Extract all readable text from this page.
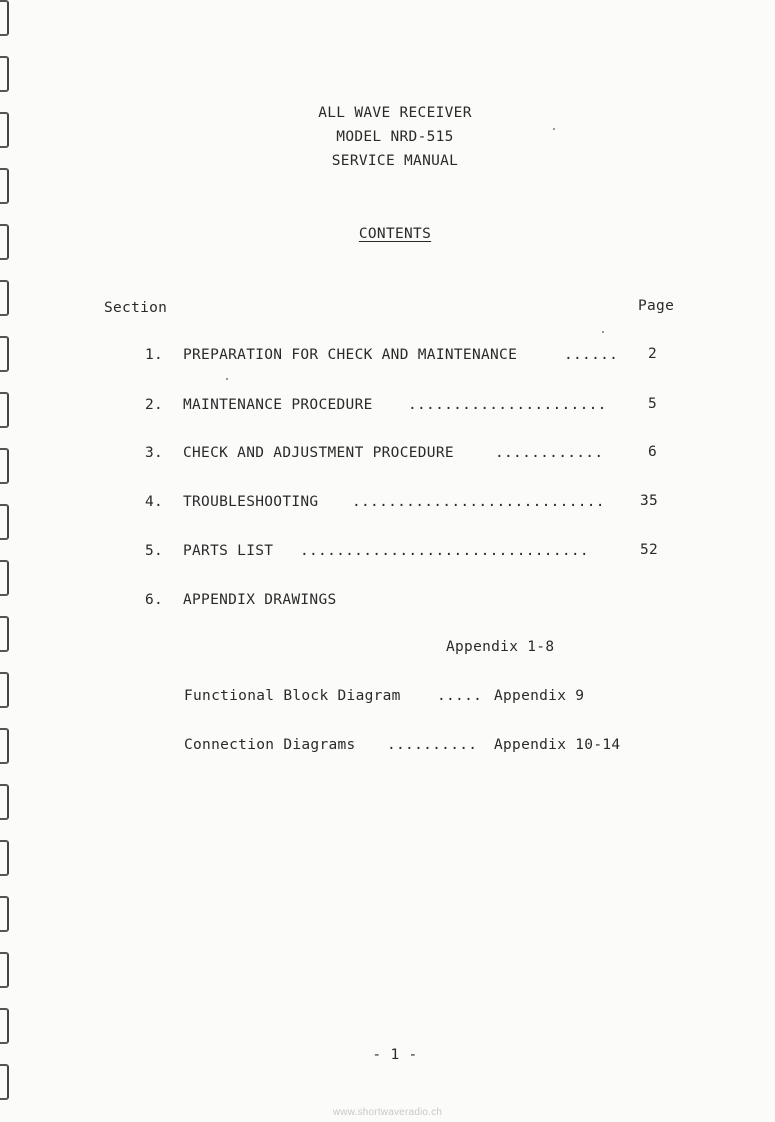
ALL WAVE RECEIVER
MODEL NRD-515
SERVICE MANUAL
CONTENTS
Section	Page
1. PREPARATION FOR CHECK AND MAINTENANCE	...... 2
2. MAINTENANCE PROCEDURE ......................	5
3. CHECK AND ADJUSTMENT PROCEDURE	............	6
4. TROUBLESHOOTING ............................ 35
5. PARTS LIST ................................	52
6. APPENDIX DRAWINGS
Appendix 1-8
Functional Block Diagram	..... Appendix 9
Connection Diagrams .......... Appendix 10-14
- 1 -
www.shortwaveradio.ch
